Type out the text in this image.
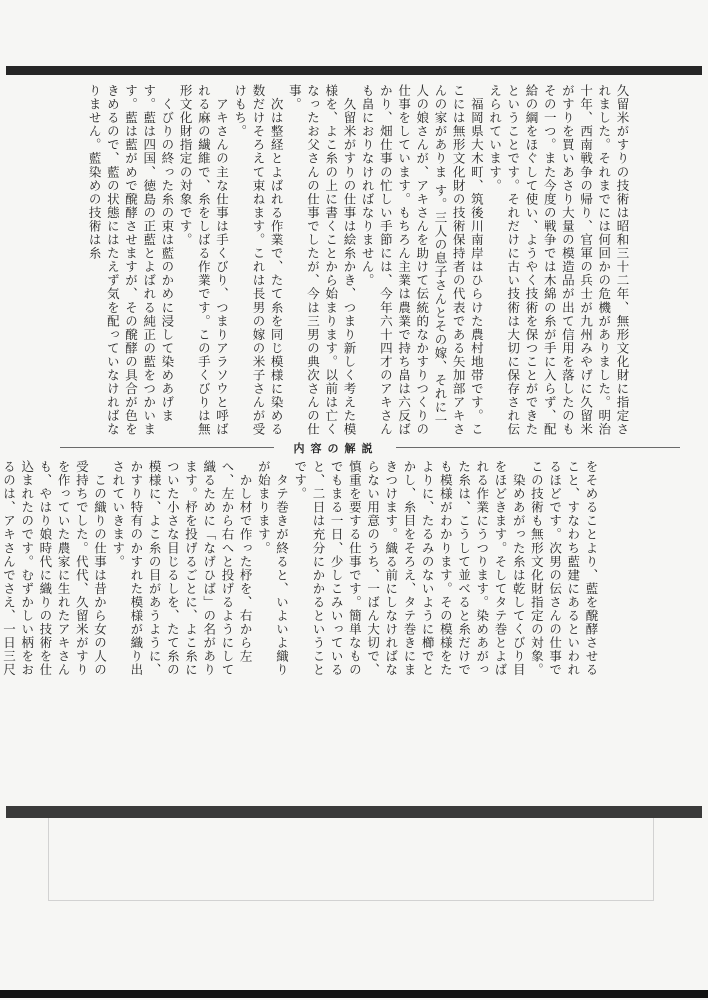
久留米がすりの技術は昭和三十二年、無形文化財に指定されました。それまでには何回かの危機がありました。明治十年、西南戦争の帰り、官軍の兵士が九州みやげに久留米がすりを買いあさり大量の模造品が出て信用を落したのもその一つ。また今度の戦争では木綿の糸が手に入らず、配給の綱をほぐして使い、ようやく技術を保つことができたということです。それだけに古い技術は大切に保存され伝えられています。
　福岡県大木町、筑後川南岸はひらけた農村地帯です。ここには無形文化財の技術保持者の代表である矢加部アキさんの家がありま す。三人の息子さんとその嫁、それに一人の娘さんが、アキさんを助けて伝統的なかすりつくりの仕事をしています。もちろん主業は農業で持ち畠は六反ばかり、畑仕事の忙しい手節には、今年六十四才のアキさんも畠におりなければなりません。
　久留米がすりの仕事は絵糸かき、つまり新しく考えた模様を、よこ糸の上に書くことから始まります。以前は亡くなったお父さんの仕事でしたが、今は三男の典次さんの仕事。
　次は整経とよばれる作業で、たて糸を同じ模様に染める数だけそろえて束ねます。これは長男の嫁の米子さんが受けもち。
　アキさんの主な仕事は手くびり、つまりアラソウと呼ばれる麻の繊維で、糸をしばる作業です。この手くびりは無形文化財指定の対象です。
　くびりの終った糸の束は藍のかめに浸して染めあげます。藍は四国、徳島の正藍とよばれる純正の藍をつかいます。藍は藍がめで醗酵させますが、その醗酵の具合が色をきめるので、藍の状態にはたえず気を配っていなければなりません。藍染めの技術は糸
内容の解説
をそめることより、藍を醗酵させること、すなわち藍建にあるといわれるほどです。次男の伝さんの仕事でこの技術も無形文化財指定の対象。
　染めあがった糸は乾してくびり目をほどきます。そしてタテ巻とよばれる作業にうつります。染めあがった糸は、こうして並べると糸だけでも模様がわかります。その模様をたよりに、たるみのないように櫛でとかし、糸目をそろえ、タテ巻きにまきつけます。織る前にしなければならない用意のうち、一ばん大切で、慎重を要する仕事です。簡単なものでもまる一日、少しこみいっていると、二日は充分にかかるということです。
　タテ巻きが終ると、いよいよ織りが始まります。
　かし材で作った杼を、右から左へ、左から右へと投げるようにして織るために「なげひば」の名があります。杼を投げるごとに、よこ糸についた小さな目じるしを、たて糸の模様に、よこ糸の目があうように、かすり特有のかすれた模様が織り出されていきます。
　この織りの仕事は昔から女の人の受持ちでした。代代、久留米がすりを作っていた農家に生れたアキさんも、やはり娘時代に織りの技術を仕込まれたのです。むずかしい柄をおるのは、アキさんでさえ、一日三尺
